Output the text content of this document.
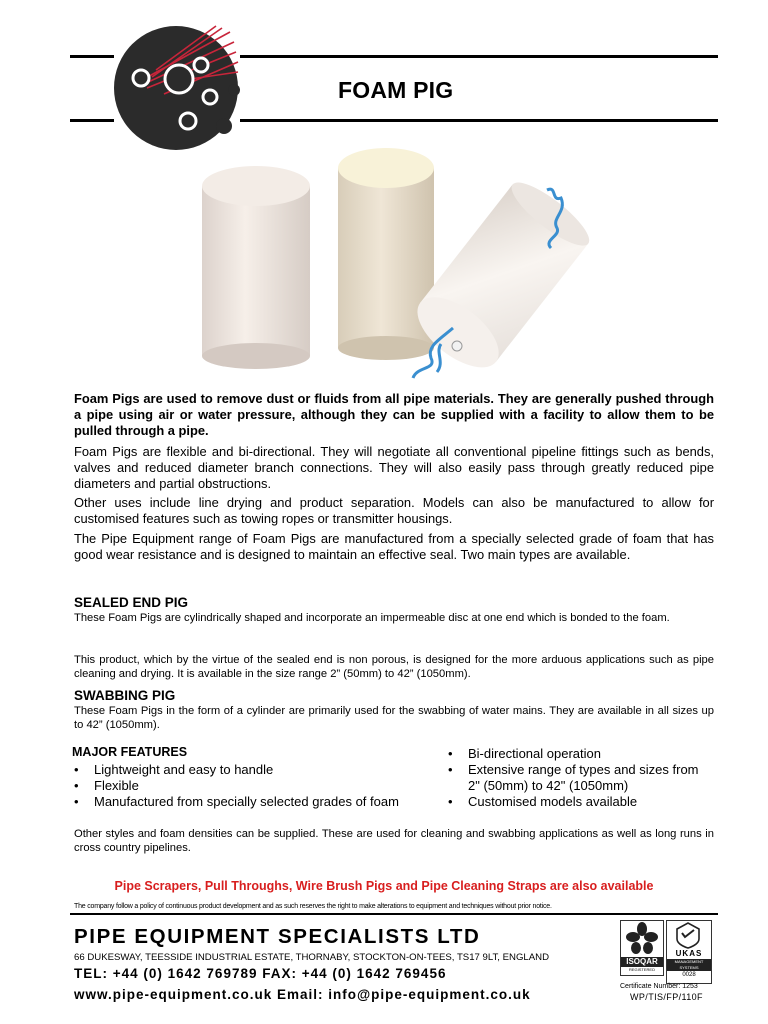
FOAM PIG
Foam Pigs are used to remove dust or fluids from all pipe materials. They are generally pushed through a pipe using air or water pressure, although they can be supplied with a facility to allow them to be pulled through a pipe.
Foam Pigs are flexible and bi-directional. They will negotiate all conventional pipeline fittings such as bends, valves and reduced diameter branch connections. They will also easily pass through greatly reduced pipe diameters and partial obstructions.
Other uses include line drying and product separation. Models can also be manufactured to allow for customised features such as towing ropes or transmitter housings.
The Pipe Equipment range of Foam Pigs are manufactured from a specially selected grade of foam that has good wear resistance and is designed to maintain an effective seal. Two main types are available.
SEALED END PIG
These Foam Pigs are cylindrically shaped and incorporate an impermeable disc at one end which is bonded to the foam.
This product, which by the virtue of the sealed end is non porous, is designed for the more arduous applications such as pipe cleaning and drying. It is available in the size range 2” (50mm) to 42” (1050mm).
SWABBING PIG
These Foam Pigs in the form of a cylinder are primarily used for the swabbing of water mains. They are available in all sizes up to 42” (1050mm).
MAJOR FEATURES
• Lightweight and easy to handle
• Flexible
• Manufactured from specially selected grades of foam
• Bi-directional operation
• Extensive range of types and sizes from 2" (50mm) to 42" (1050mm)
• Customised models available
Other styles and foam densities can be supplied. These are used for cleaning and swabbing applications as well as long runs in cross country pipelines.
Pipe Scrapers, Pull Throughs, Wire Brush Pigs and Pipe Cleaning Straps are also available
The company follow a policy of continuous product development and as such reserves the right to make alterations to equipment and techniques without prior notice.
PIPE EQUIPMENT SPECIALISTS LTD
66 DUKESWAY, TEESSIDE INDUSTRIAL ESTATE, THORNABY, STOCKTON-ON-TEES, TS17 9LT, ENGLAND
TEL: +44 (0) 1642 769789 FAX: +44 (0) 1642 769456
www.pipe-equipment.co.uk Email: info@pipe-equipment.co.uk
ISOQAR
REGISTERED
UKAS
MANAGEMENT SYSTEMS
0028
Certificate Number: 1253
WP/TIS/FP/110F
